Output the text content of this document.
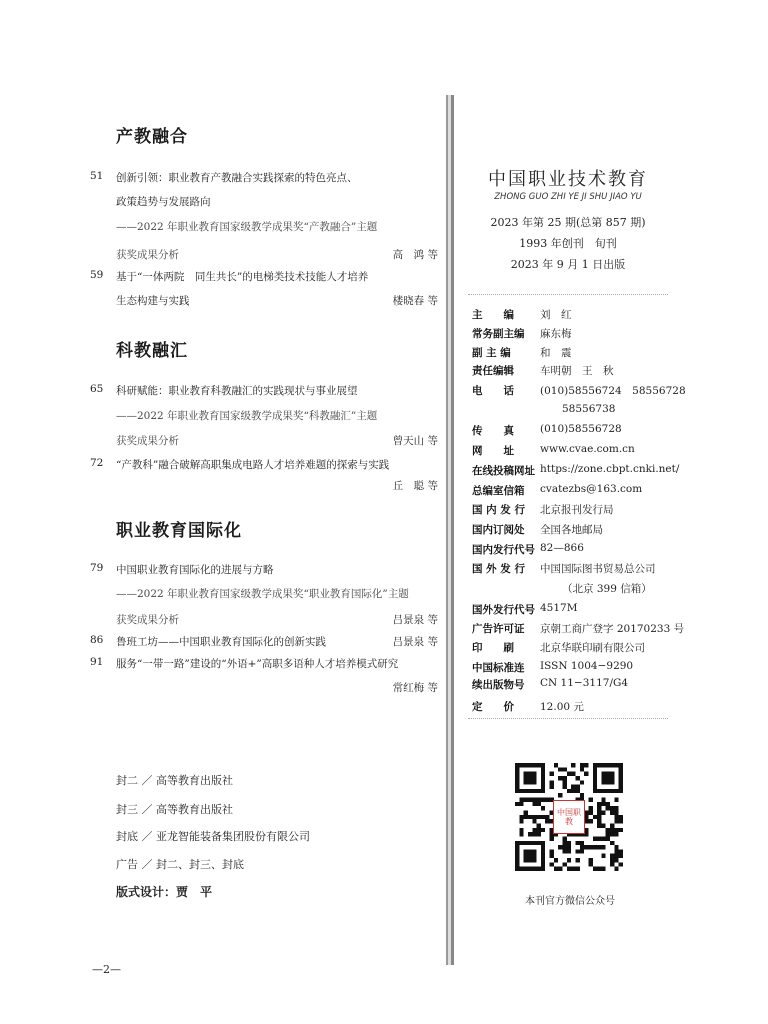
产教融合
51 创新引领：职业教育产教融合实践探索的特色亮点、
政策趋势与发展路向
——2022 年职业教育国家级教学成果奖“产教融合”主题
获奖成果分析	高　鸿 等
59 基于“一体两院　同生共长”的电梯类技术技能人才培养
生态构建与实践	楼晓春 等
科教融汇
65 科研赋能：职业教育科教融汇的实践现状与事业展望
——2022 年职业教育国家级教学成果奖“科教融汇”主题
获奖成果分析	曾天山 等
72 “产教科”融合破解高职集成电路人才培养难题的探索与实践
丘　聪 等
职业教育国际化
79 中国职业教育国际化的进展与方略
——2022 年职业教育国家级教学成果奖“职业教育国际化”主题
获奖成果分析	吕景泉 等
86 鲁班工坊——中国职业教育国际化的创新实践	吕景泉 等
91 服务“一带一路”建设的“外语+”高职多语种人才培养模式研究
常红梅 等
封二 ／ 高等教育出版社
封三 ／ 高等教育出版社
封底 ／ 亚龙智能装备集团股份有限公司
广告 ／ 封二、封三、封底
版式设计：贾　平
中国职业技术教育
ZHONG GUO ZHI YE JI SHU JIAO YU
2023 年第 25 期(总第 857 期)
1993 年创刊　旬刊
2023 年 9 月 1 日出版
主　　编 刘　红
常务副主编 麻东梅
副 主 编	和　震
责任编辑 车明朝　王　秋
电　　话 (010)58556724　58556728
58556738
传　　真 (010)58556728
网　　址 www.cvae.com.cn
在线投稿网址 https://zone.cbpt.cnki.net/
总编室信箱 cvatezbs@163.com
国 内 发 行 北京报刊发行局
国内订阅处 全国各地邮局
国内发行代号 82—866
国 外 发 行 中国国际图书贸易总公司
（北京 399 信箱）
国外发行代号 4517M
广告许可证 京朝工商广登字 20170233 号
印　　刷 北京华联印刷有限公司
中国标准连 ISSN 1004−9290
续出版物号 CN 11−3117/G4
定　　价 12.00 元
中国职教
本刊官方微信公众号
—2—
